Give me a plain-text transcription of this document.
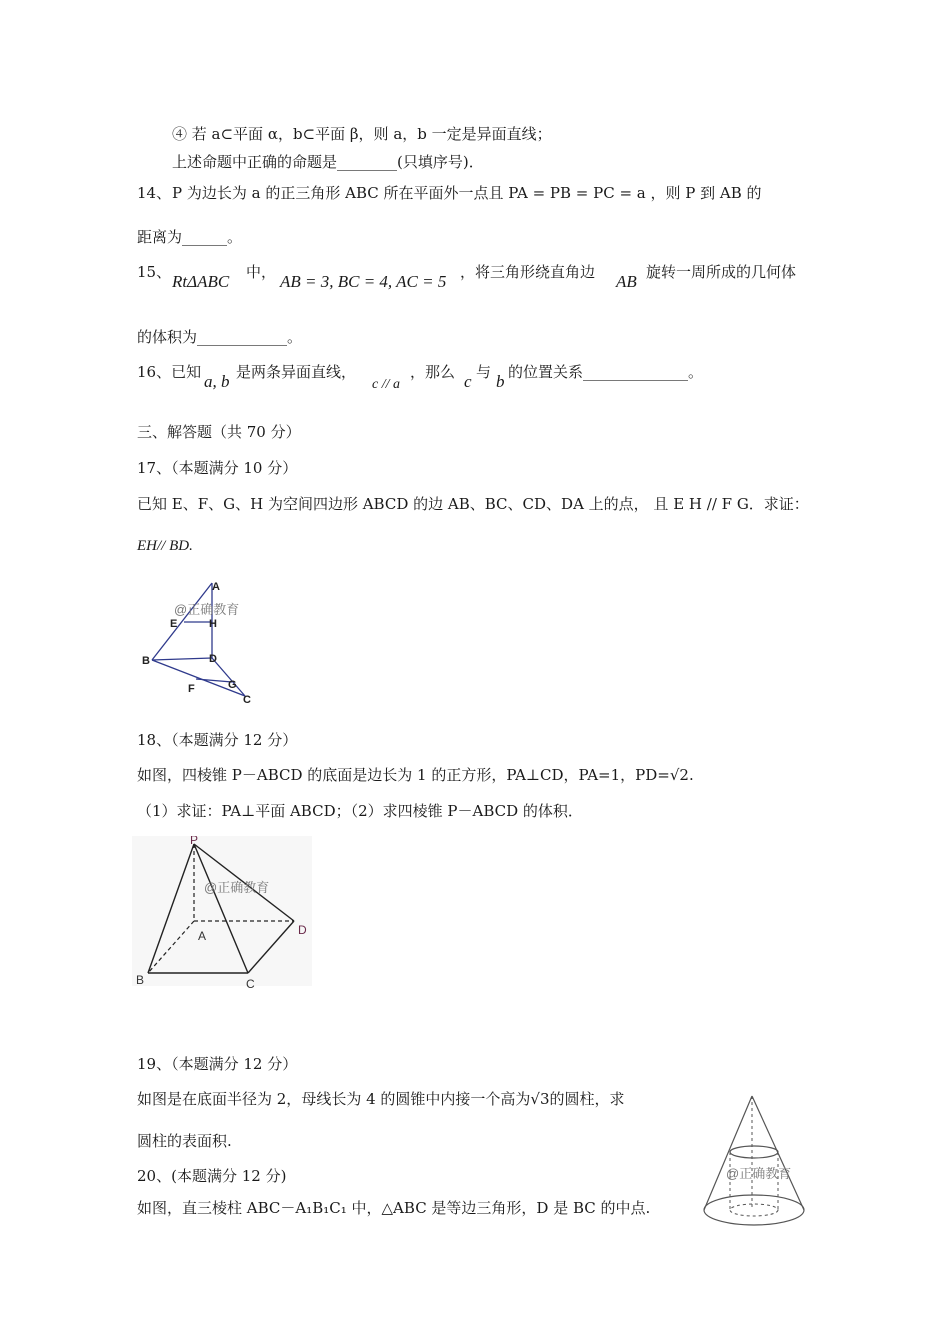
④ 若 a⊂平面 α，b⊂平面 β，则 a，b 一定是异面直线；
上述命题中正确的命题是________(只填序号)．
14、 P 为边长为 a 的正三角形 ABC 所在平面外一点且 PA = PB = PC = a ，则 P 到 AB 的
距离为______。
15、 RtΔABC 中， AB = 3, BC = 4, AC = 5 ，将三角形绕直角边 AB 旋转一周所成的几何体
的体积为____________。
16、已知 a, b 是两条异面直线，
c // a
，那么 c 与 b 的位置关系______________。
三、解答题（共 70 分）
17、（本题满分 10 分）
已知 E、F、G、H 为空间四边形 ABCD 的边 AB、BC、CD、DA 上的点， 且 E H // F G．求证：
EH// BD.
A
E	H
B	D
F	G
C
@正确教育
18、（本题满分 12 分）
如图，四棱锥 P－ABCD 的底面是边长为 1 的正方形，PA⊥CD，PA=1，PD=√2.
（1）求证：PA⊥平面 ABCD；（2）求四棱锥 P－ABCD 的体积．
P
A
B	C
D
@正确教育
19、（本题满分 12 分）
如图是在底面半径为 2，母线长为 4 的圆锥中内接一个高为√3的圆柱，求
圆柱的表面积.
@正确教育
20、(本题满分 12 分)
如图，直三棱柱 ABC－A₁B₁C₁ 中，△ABC 是等边三角形，D 是 BC 的中点.
